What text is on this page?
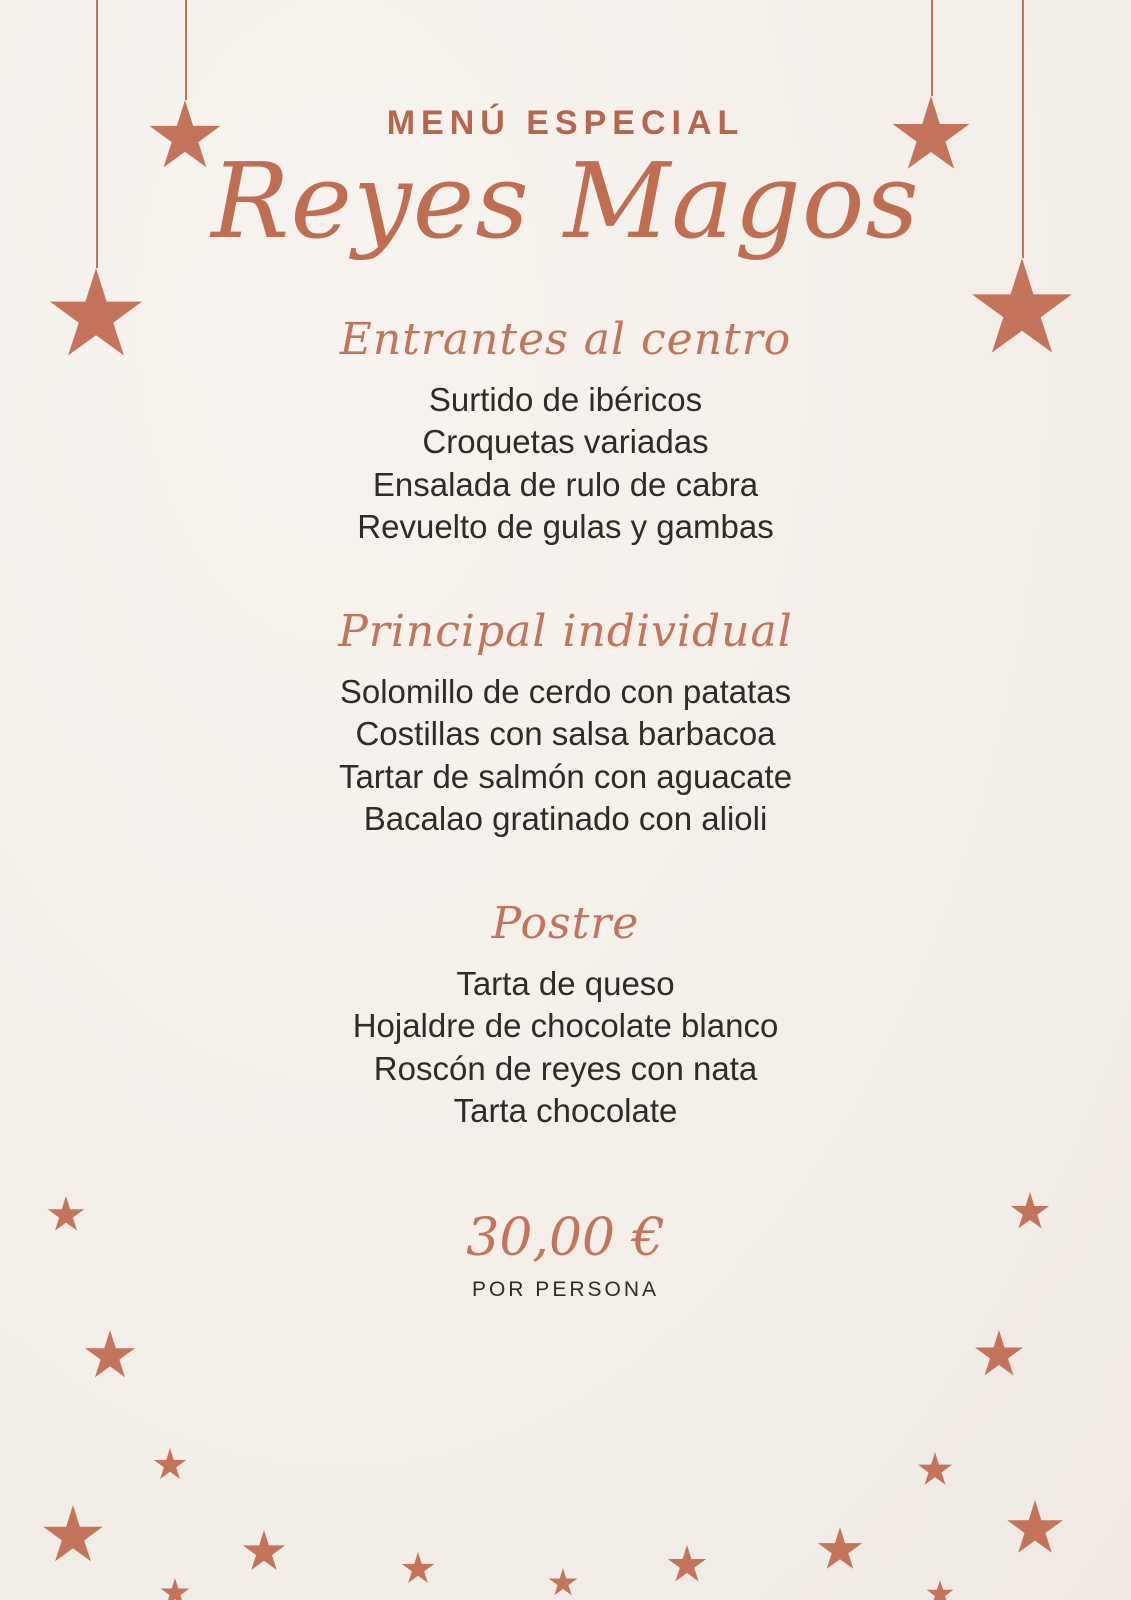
MENÚ ESPECIAL
Reyes Magos
Entrantes al centro
Surtido de ibéricos
Croquetas variadas
Ensalada de rulo de cabra
Revuelto de gulas y gambas
Principal individual
Solomillo de cerdo con patatas
Costillas con salsa barbacoa
Tartar de salmón con aguacate
Bacalao gratinado con alioli
Postre
Tarta de queso
Hojaldre de chocolate blanco
Roscón de reyes con nata
Tarta chocolate
30,00 €
POR PERSONA
